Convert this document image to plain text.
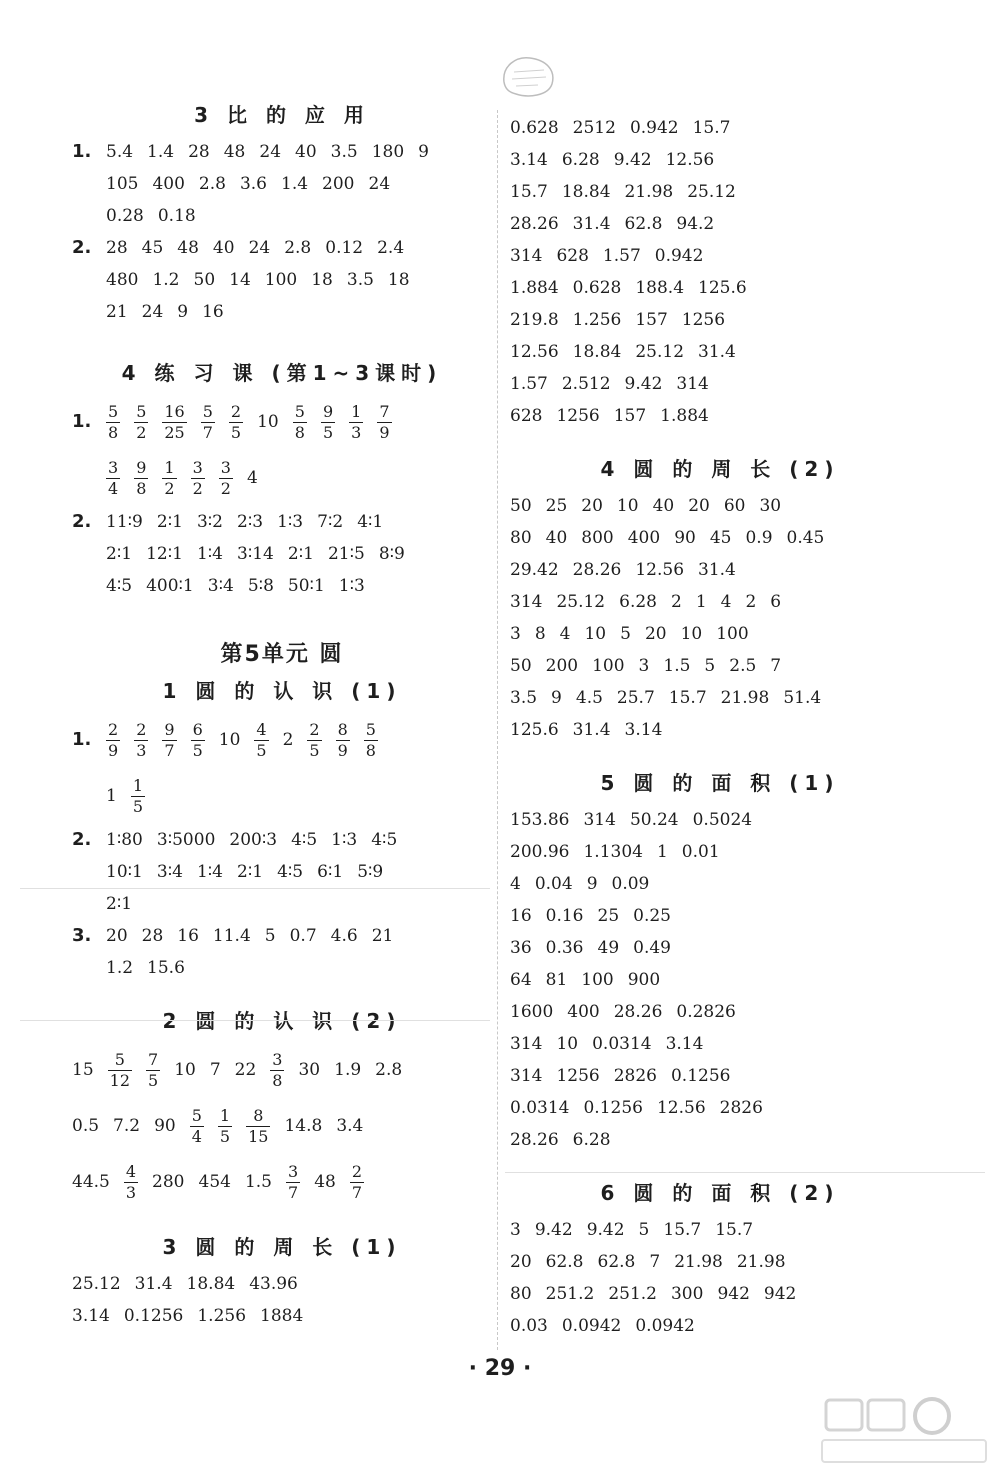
3 比 的 应 用
1. 5.4 1.4 28 48 24 40 3.5 180 9
105 400 2.8 3.6 1.4 200 24
0.28 0.18
2. 28 45 48 40 24 2.8 0.12 2.4
480 1.2 50 14 100 18 3.5 18
21 24 9 16
4 练 习 课 (第1~3课时)
1. $\frac{5}{8} \frac{5}{2} \frac{16}{25} \frac{5}{7} \frac{2}{5} 10 \frac{5}{8} \frac{9}{5} \frac{1}{3} \frac{7}{9}$
$\frac{3}{4} \frac{9}{8} \frac{1}{2} \frac{3}{2} \frac{3}{2} 4$
2. 11∶9 2∶1 3∶2 2∶3 1∶3 7∶2 4∶1
2∶1 12∶1 1∶4 3∶14 2∶1 21∶5 8∶9
4∶5 400∶1 3∶4 5∶8 50∶1 1∶3
第5单元 圆
1 圆 的 认 识 (1)
1. $\frac{2}{9} \frac{2}{3} \frac{9}{7} \frac{6}{5} 10 \frac{4}{5} 2 \frac{2}{5} \frac{8}{9} \frac{5}{8}$
$1 \frac{1}{5}$
2. 1∶80 3∶5000 200∶3 4∶5 1∶3 4∶5
10∶1 3∶4 1∶4 2∶1 4∶5 6∶1 5∶9
2∶1
3. 20 28 16 11.4 5 0.7 4.6 21
1.2 15.6
2 圆 的 认 识 (2)
$15 \frac{5}{12} \frac{7}{5} 10$ 7 $22 \frac{3}{8} 30$ 1.9 2.8
0.5 7.2 $90 \frac{5}{4} \frac{1}{5} \frac{8}{15} 14.8$ 3.4
$44.5 \frac{4}{3} 280$ 454 $1.5 \frac{3}{7} 48 \frac{2}{7}$
3 圆 的 周 长 (1)
25.12 31.4 18.84 43.96
3.14 0.1256 1.256 1884
0.628 2512 0.942 15.7
3.14 6.28 9.42 12.56
15.7 18.84 21.98 25.12
28.26 31.4 62.8 94.2
314 628 1.57 0.942
1.884 0.628 188.4 125.6
219.8 1.256 157 1256
12.56 18.84 25.12 31.4
1.57 2.512 9.42 314
628 1256 157 1.884
4 圆 的 周 长 (2)
50 25 20 10 40 20 60 30
80 40 800 400 90 45 0.9 0.45
29.42 28.26 12.56 31.4
314 25.12 6.28 2 1 4 2 6
3 8 4 10 5 20 10 100
50 200 100 3 1.5 5 2.5 7
3.5 9 4.5 25.7 15.7 21.98 51.4
125.6 31.4 3.14
5 圆 的 面 积 (1)
153.86 314 50.24 0.5024
200.96 1.1304 1 0.01
4 0.04 9 0.09
16 0.16 25 0.25
36 0.36 49 0.49
64 81 100 900
1600 400 28.26 0.2826
314 10 0.0314 3.14
314 1256 2826 0.1256
0.0314 0.1256 12.56 2826
28.26 6.28
6 圆 的 面 积 (2)
3 9.42 9.42 5 15.7 15.7
20 62.8 62.8 7 21.98 21.98
80 251.2 251.2 300 942 942
0.03 0.0942 0.0942
· 29 ·
